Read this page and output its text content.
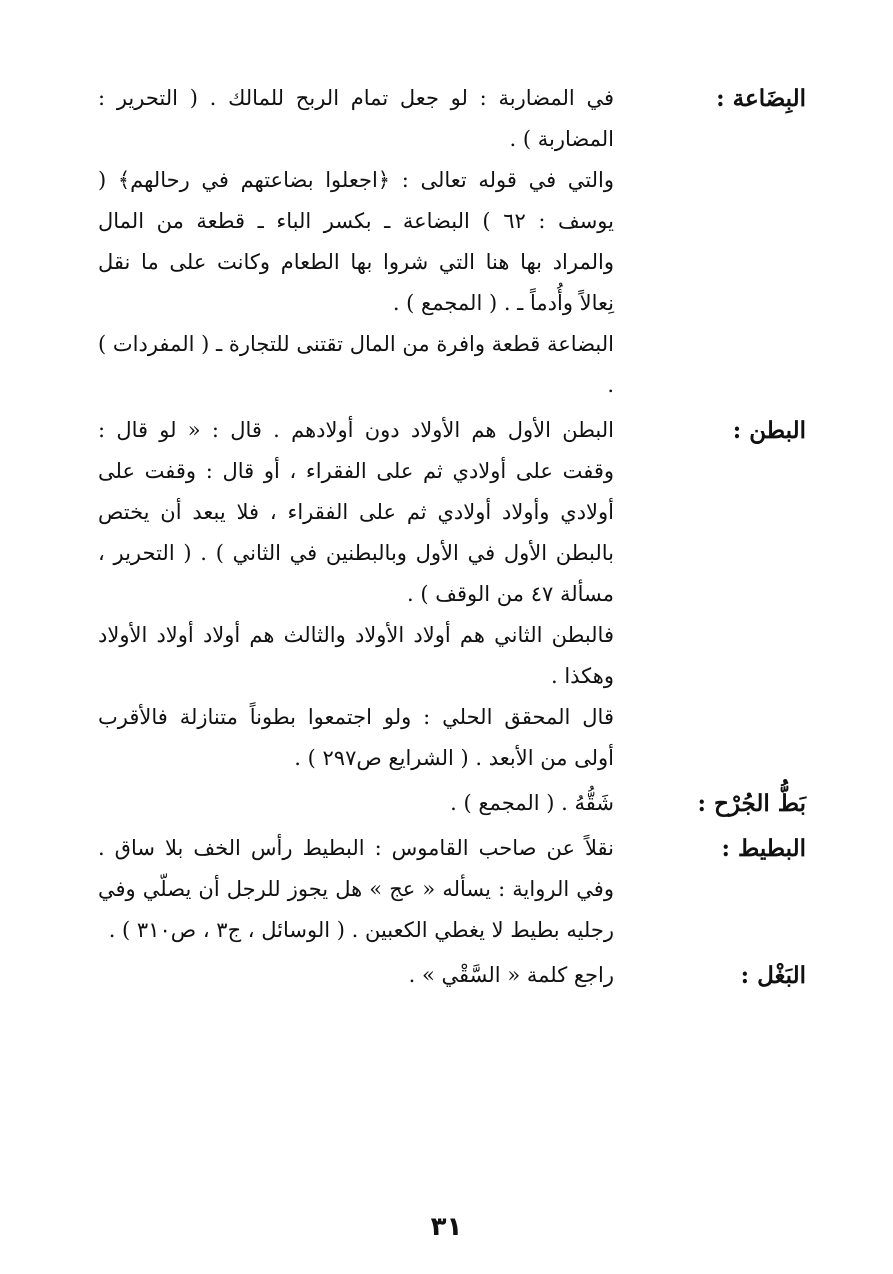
البِضَاعة :

في المضاربة : لو جعل تمام الربح للمالك . ( التحرير : المضاربة ) .

والتي في قوله تعالى : ﴿اجعلوا بضاعتهم في رحالهم﴾ ( يوسف : ٦٢ ) البضاعة ـ بكسر الباء ـ قطعة من المال والمراد بها هنا التي شروا بها الطعام وكانت على ما نقل نِعالاً وأُدماً ـ . ( المجمع ) .

البضاعة قطعة وافرة من المال تقتنى للتجارة ـ ( المفردات ) .

البطن :

البطن الأول هم الأولاد دون أولادهم . قال : « لو قال : وقفت على أولادي ثم على الفقراء ، أو قال : وقفت على أولادي وأولاد أولادي ثم على الفقراء ، فلا يبعد أن يختص بالبطن الأول في الأول وبالبطنين في الثاني ) . ( التحرير ، مسألة ٤٧ من الوقف ) .

فالبطن الثاني هم أولاد الأولاد والثالث هم أولاد أولاد الأولاد وهكذا .

قال المحقق الحلي : ولو اجتمعوا بطوناً متنازلة فالأقرب أولى من الأبعد . ( الشرايع ص٢٩٧ ) .

بَطُّ الجُرْح :

شَقُّهُ . ( المجمع ) .

البطيط :

نقلاً عن صاحب القاموس : البطيط رأس الخف بلا ساق . وفي الرواية : يسأله « عج » هل يجوز للرجل أن يصلّي وفي رجليه بطيط لا يغطي الكعبين . ( الوسائل ، ج٣ ، ص٣١٠ ) .

البَغْل :

راجع كلمة « السَّقْي » .

٣١
